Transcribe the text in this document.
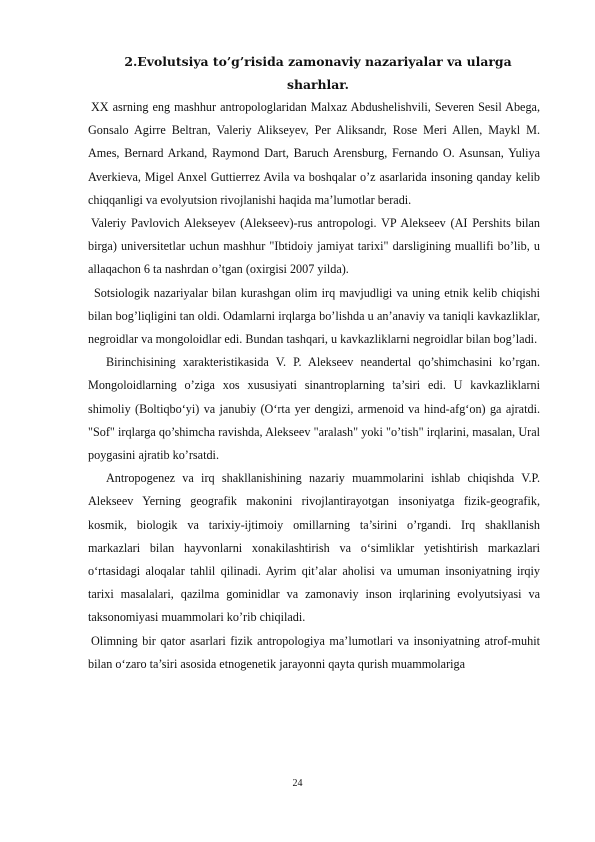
2.Evolutsiya to’g’risida zamonaviy nazariyalar va ularga
sharhlar.

XX asrning eng mashhur antropologlaridan Malxaz Abdushelishvili, Severen Sesil Abega, Gonsalo Agirre Beltran, Valeriy Alikseyev, Per Aliksandr, Rose Meri Allen, Maykl M. Ames, Bernard Arkand, Raymond Dart, Baruch Arensburg, Fernando O. Asunsan, Yuliya Averkieva, Migel Anxel Guttierrez Avila va boshqalar o’z asarlarida insoning qanday kelib chiqqanligi va evolyutsion rivojlanishi haqida ma’lumotlar beradi.

Valeriy Pavlovich Alekseyev (Alekseev)-rus antropologi. VP Alekseev (AI Pershits bilan birga) universitetlar uchun mashhur "Ibtidoiy jamiyat tarixi" darsligining muallifi bo’lib, u allaqachon 6 ta nashrdan o’tgan (oxirgisi 2007 yilda).

Sotsiologik nazariyalar bilan kurashgan olim irq mavjudligi va uning etnik kelib chiqishi bilan bog’liqligini tan oldi. Odamlarni irqlarga bo’lishda u an’anaviy va taniqli kavkazliklar, negroidlar va mongoloidlar edi. Bundan tashqari, u kavkazliklarni negroidlar bilan bog’ladi.

Birinchisining xarakteristikasida V. P. Alekseev neandertal qo’shimchasini ko’rgan. Mongoloidlarning o’ziga xos xususiyati sinantroplarning ta’siri edi. U kavkazliklarni shimoliy (Boltiqbo‘yi) va janubiy (O‘rta yer dengizi, armenoid va hind-afg‘on) ga ajratdi. "Sof" irqlarga qo’shimcha ravishda, Alekseev "aralash" yoki "o’tish" irqlarini, masalan, Ural poygasini ajratib ko’rsatdi.

Antropogenez va irq shakllanishining nazariy muammolarini ishlab chiqishda V.P. Alekseev Yerning geografik makonini rivojlantirayotgan insoniyatga fizik-geografik, kosmik, biologik va tarixiy-ijtimoiy omillarning ta’sirini o’rgandi. Irq shakllanish markazlari bilan hayvonlarni xonakilashtirish va o‘simliklar yetishtirish markazlari o‘rtasidagi aloqalar tahlil qilinadi. Ayrim qit’alar aholisi va umuman insoniyatning irqiy tarixi masalalari, qazilma gominidlar va zamonaviy inson irqlarining evolyutsiyasi va taksonomiyasi muammolari ko’rib chiqiladi.

Olimning bir qator asarlari fizik antropologiya ma’lumotlari va insoniyatning atrof-muhit bilan o‘zaro ta’siri asosida etnogenetik jarayonni qayta qurish muammolariga

24
